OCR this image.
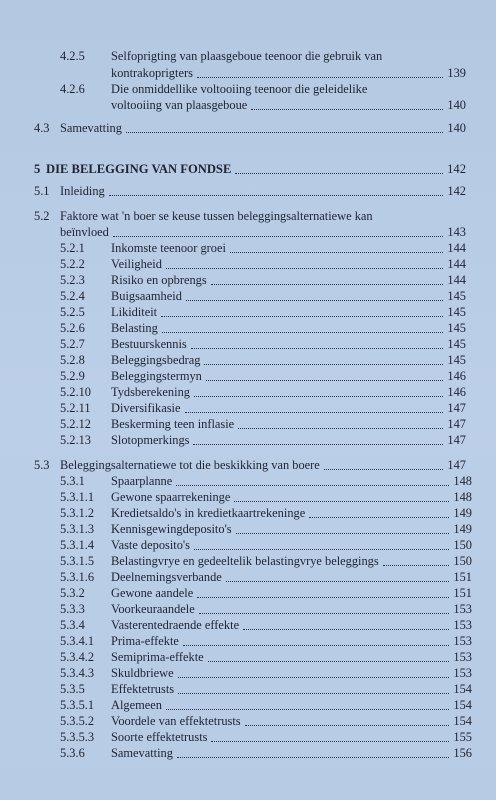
4.2.5	Selfoprigting van plaasgeboue teenoor die gebruik van
kontrakoprigters	139
4.2.6	Die onmiddellike voltooiing teenoor die geleidelike
voltooiing van plaasgeboue	140
4.3 Samevatting	140
5 DIE BELEGGING VAN FONDSE	142
5.1 Inleiding	142
5.2 Faktore wat 'n boer se keuse tussen beleggingsalternatiewe kan
beïnvloed	143
5.2.1	Inkomste teenoor groei	144
5.2.2	Veiligheid	144
5.2.3	Risiko en opbrengs	144
5.2.4	Buigsaamheid	145
5.2.5	Likiditeit	145
5.2.6	Belasting	145
5.2.7	Bestuurskennis	145
5.2.8	Beleggingsbedrag	145
5.2.9	Beleggingstermyn	146
5.2.10	Tydsberekening	146
5.2.11	Diversifikasie	147
5.2.12	Beskerming teen inflasie	147
5.2.13	Slotopmerkings	147
5.3 Beleggingsalternatiewe tot die beskikking van boere	147
5.3.1	Spaarplanne	148
5.3.1.1	Gewone spaarrekeninge	148
5.3.1.2	Kredietsaldo's in kredietkaartrekeninge	149
5.3.1.3	Kennisgewingdeposito's	149
5.3.1.4	Vaste deposito's	150
5.3.1.5	Belastingvrye en gedeeltelik belastingvrye beleggings	150
5.3.1.6	Deelnemingsverbande	151
5.3.2	Gewone aandele	151
5.3.3	Voorkeuraandele	153
5.3.4	Vasterentedraende effekte	153
5.3.4.1	Prima-effekte	153
5.3.4.2	Semiprima-effekte	153
5.3.4.3	Skuldbriewe	153
5.3.5	Effektetrusts	154
5.3.5.1	Algemeen	154
5.3.5.2	Voordele van effektetrusts	154
5.3.5.3	Soorte effektetrusts	155
5.3.6	Samevatting	156
